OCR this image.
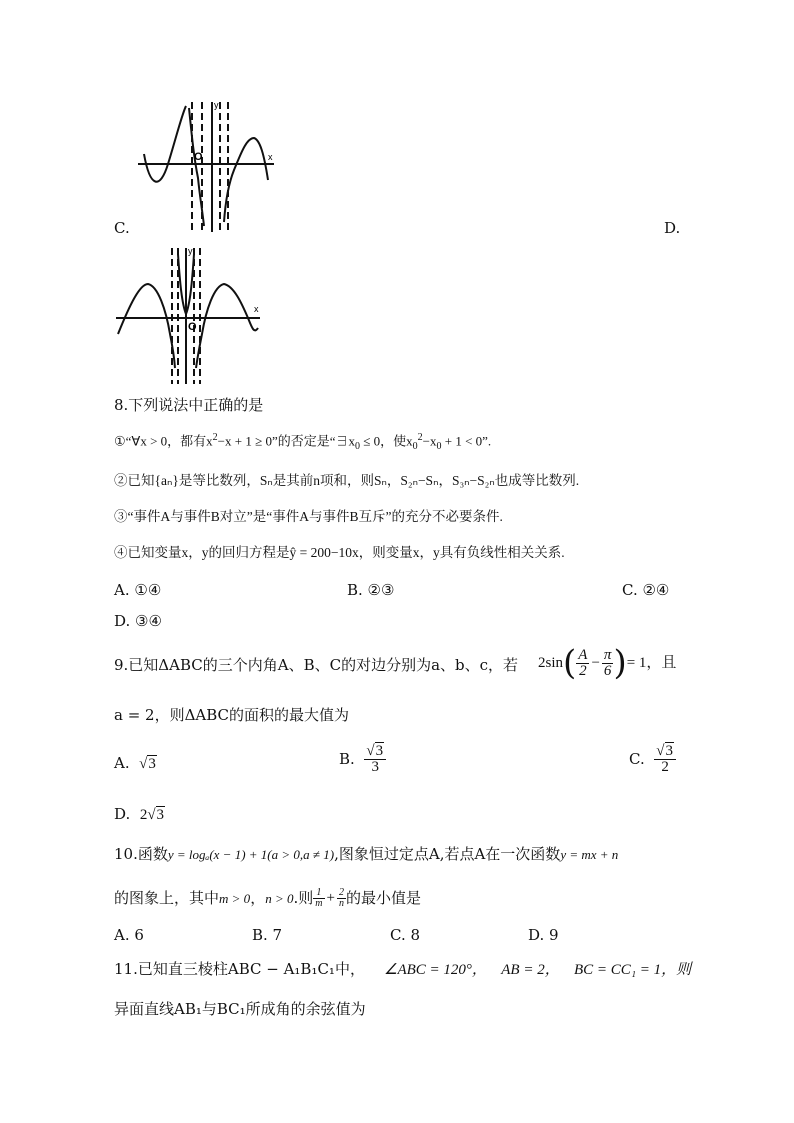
O	x
y
C.	D.
O
x
y
8.下列说法中正确的是
①“∀x > 0，都有$x^2-x + 1 \ge 0$”的否定是“$\exists x_0 \le 0$，使$x_0^2-x_0 + 1 < 0$”.
②已知{aₙ}是等比数列，Sₙ是其前n项和，则Sₙ，S₂ₙ−Sₙ，S₃ₙ−S₂ₙ也成等比数列.
③“事件A与事件B对立”是“事件A与事件B互斥”的充分不必要条件.
④已知变量x，y的回归方程是ŷ = 200−10x，则变量x，y具有负线性相关关系.
A. ①④	B. ②③	C. ②④
D. ③④
9.已知ΔABC的三个内角A、B、C的对边分别为a、b、c，若 2sin ( $\frac{A}{2} - \frac{\pi}{6}$ ) = 1，且
a = 2，则ΔABC的面积的最大值为
A. √3	B.
$\frac{√3}{3}$	C.
$\frac{√3}{2}$
D. 2√3
10.函数y = logₐ(x − 1) + 1(a > 0,a ≠ 1),图象恒过定点A,若点A在一次函数y = mx + n
的图象上，其中 m > 0 ， n > 0 .则 $\frac{1}{m} + \frac{2}{n}$ 的最小值是
A. 6	B. 7	C. 8	D. 9
11.已知直三棱柱ABC − A₁B₁C₁中， ∠ABC = 120°， AB = 2， BC = CC₁ = 1，则
异面直线AB₁与BC₁所成角的余弦值为
